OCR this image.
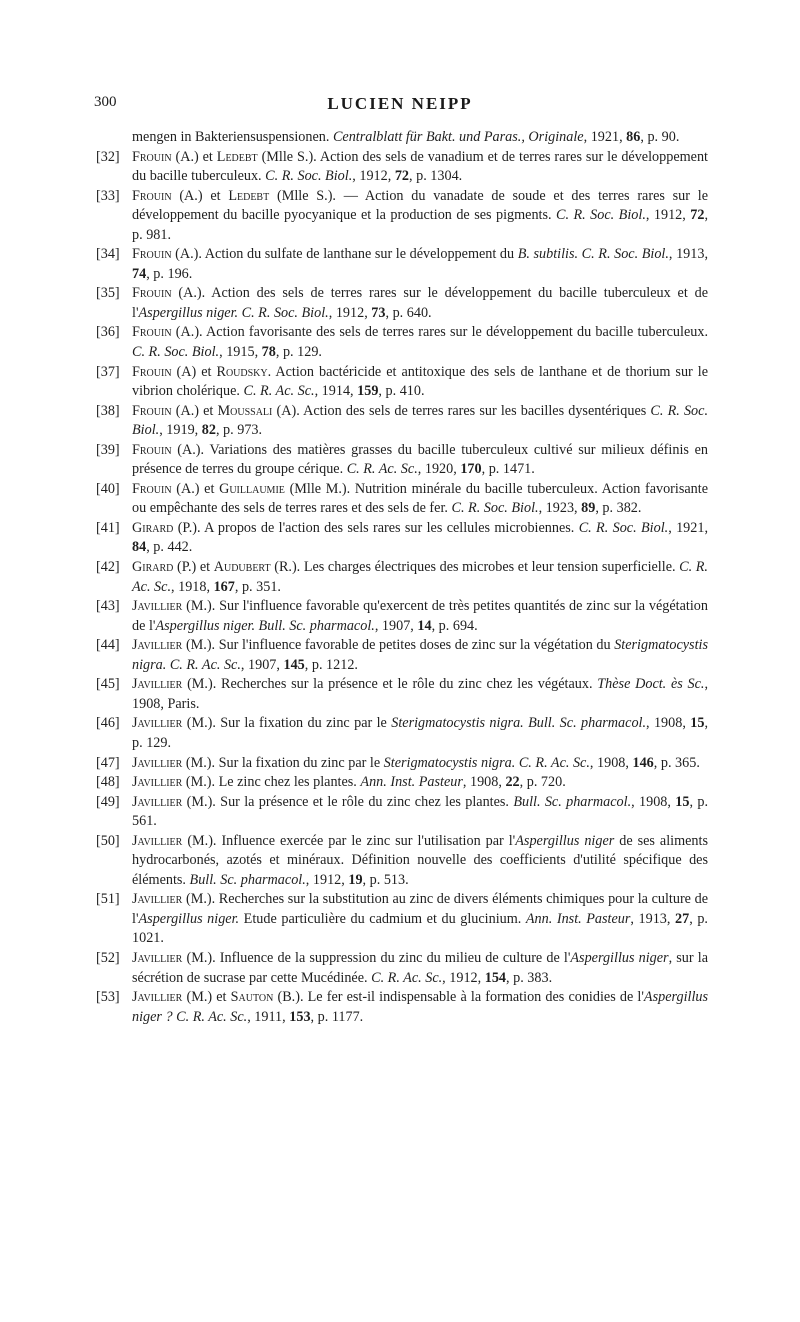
300	LUCIEN NEIPP

mengen in Bakteriensuspensionen. Centralblatt für Bakt. und Paras., Originale, 1921, 86, p. 90.

[32] Frouin (A.) et Ledebt (Mlle S.). Action des sels de vanadium et de terres rares sur le développement du bacille tuberculeux. C. R. Soc. Biol., 1912, 72, p. 1304.

[33] Frouin (A.) et Ledebt (Mlle S.). — Action du vanadate de soude et des terres rares sur le développement du bacille pyocyanique et la production de ses pigments. C. R. Soc. Biol., 1912, 72, p. 981.

[34] Frouin (A.). Action du sulfate de lanthane sur le développement du B. subtilis. C. R. Soc. Biol., 1913, 74, p. 196.

[35] Frouin (A.). Action des sels de terres rares sur le développement du bacille tuberculeux et de l'Aspergillus niger. C. R. Soc. Biol., 1912, 73, p. 640.

[36] Frouin (A.). Action favorisante des sels de terres rares sur le développement du bacille tuberculeux. C. R. Soc. Biol., 1915, 78, p. 129.

[37] Frouin (A) et Roudsky. Action bactéricide et antitoxique des sels de lanthane et de thorium sur le vibrion cholérique. C. R. Ac. Sc., 1914, 159, p. 410.

[38] Frouin (A.) et Moussali (A). Action des sels de terres rares sur les bacilles dysentériques C. R. Soc. Biol., 1919, 82, p. 973.

[39] Frouin (A.). Variations des matières grasses du bacille tuberculeux cultivé sur milieux définis en présence de terres du groupe cérique. C. R. Ac. Sc., 1920, 170, p. 1471.

[40] Frouin (A.) et Guillaumie (Mlle M.). Nutrition minérale du bacille tuberculeux. Action favorisante ou empêchante des sels de terres rares et des sels de fer. C. R. Soc. Biol., 1923, 89, p. 382.

[41] Girard (P.). A propos de l'action des sels rares sur les cellules microbiennes. C. R. Soc. Biol., 1921, 84, p. 442.

[42] Girard (P.) et Audubert (R.). Les charges électriques des microbes et leur tension superficielle. C. R. Ac. Sc., 1918, 167, p. 351.

[43] Javillier (M.). Sur l'influence favorable qu'exercent de très petites quantités de zinc sur la végétation de l'Aspergillus niger. Bull. Sc. pharmacol., 1907, 14, p. 694.

[44] Javillier (M.). Sur l'influence favorable de petites doses de zinc sur la végétation du Sterigmatocystis nigra. C. R. Ac. Sc., 1907, 145, p. 1212.

[45] Javillier (M.). Recherches sur la présence et le rôle du zinc chez les végétaux. Thèse Doct. ès Sc., 1908, Paris.

[46] Javillier (M.). Sur la fixation du zinc par le Sterigmatocystis nigra. Bull. Sc. pharmacol., 1908, 15, p. 129.

[47] Javillier (M.). Sur la fixation du zinc par le Sterigmatocystis nigra. C. R. Ac. Sc., 1908, 146, p. 365.

[48] Javillier (M.). Le zinc chez les plantes. Ann. Inst. Pasteur, 1908, 22, p. 720.

[49] Javillier (M.). Sur la présence et le rôle du zinc chez les plantes. Bull. Sc. pharmacol., 1908, 15, p. 561.

[50] Javillier (M.). Influence exercée par le zinc sur l'utilisation par l'Aspergillus niger de ses aliments hydrocarbonés, azotés et minéraux. Définition nouvelle des coefficients d'utilité spécifique des éléments. Bull. Sc. pharmacol., 1912, 19, p. 513.

[51] Javillier (M.). Recherches sur la substitution au zinc de divers éléments chimiques pour la culture de l'Aspergillus niger. Etude particulière du cadmium et du glucinium. Ann. Inst. Pasteur, 1913, 27, p. 1021.

[52] Javillier (M.). Influence de la suppression du zinc du milieu de culture de l'Aspergillus niger, sur la sécrétion de sucrase par cette Mucédinée. C. R. Ac. Sc., 1912, 154, p. 383.

[53] Javillier (M.) et Sauton (B.). Le fer est-il indispensable à la formation des conidies de l'Aspergillus niger ? C. R. Ac. Sc., 1911, 153, p. 1177.
